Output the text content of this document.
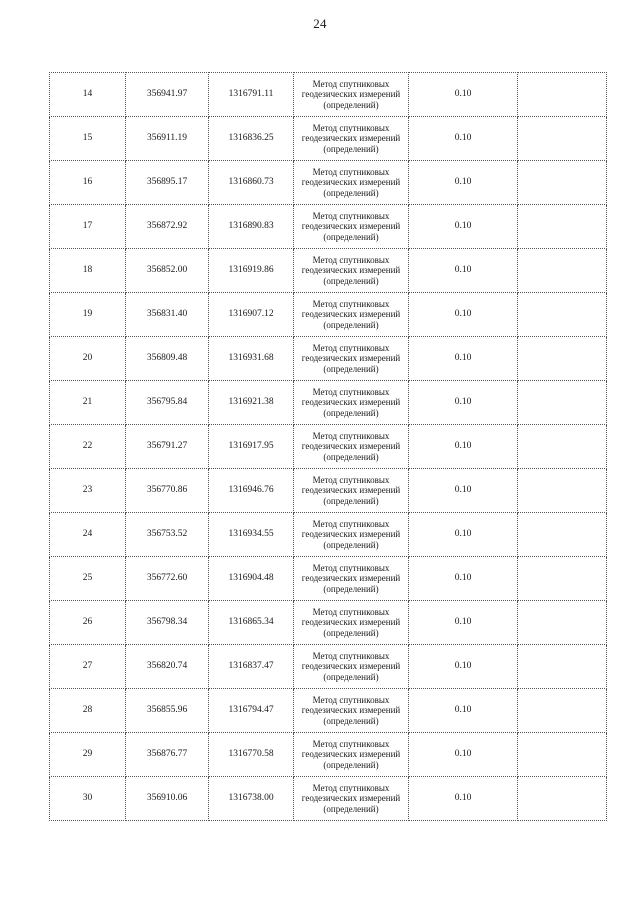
24
14	356941.97	1316791.11	Метод спутниковых
геодезических измерений
(определений)	0.10	
15	356911.19	1316836.25	Метод спутниковых
геодезических измерений
(определений)	0.10	
16	356895.17	1316860.73	Метод спутниковых
геодезических измерений
(определений)	0.10	
17	356872.92	1316890.83	Метод спутниковых
геодезических измерений
(определений)	0.10	
18	356852.00	1316919.86	Метод спутниковых
геодезических измерений
(определений)	0.10	
19	356831.40	1316907.12	Метод спутниковых
геодезических измерений
(определений)	0.10	
20	356809.48	1316931.68	Метод спутниковых
геодезических измерений
(определений)	0.10	
21	356795.84	1316921.38	Метод спутниковых
геодезических измерений
(определений)	0.10	
22	356791.27	1316917.95	Метод спутниковых
геодезических измерений
(определений)	0.10	
23	356770.86	1316946.76	Метод спутниковых
геодезических измерений
(определений)	0.10	
24	356753.52	1316934.55	Метод спутниковых
геодезических измерений
(определений)	0.10	
25	356772.60	1316904.48	Метод спутниковых
геодезических измерений
(определений)	0.10	
26	356798.34	1316865.34	Метод спутниковых
геодезических измерений
(определений)	0.10	
27	356820.74	1316837.47	Метод спутниковых
геодезических измерений
(определений)	0.10	
28	356855.96	1316794.47	Метод спутниковых
геодезических измерений
(определений)	0.10	
29	356876.77	1316770.58	Метод спутниковых
геодезических измерений
(определений)	0.10	
30	356910.06	1316738.00	Метод спутниковых
геодезических измерений
(определений)	0.10	
